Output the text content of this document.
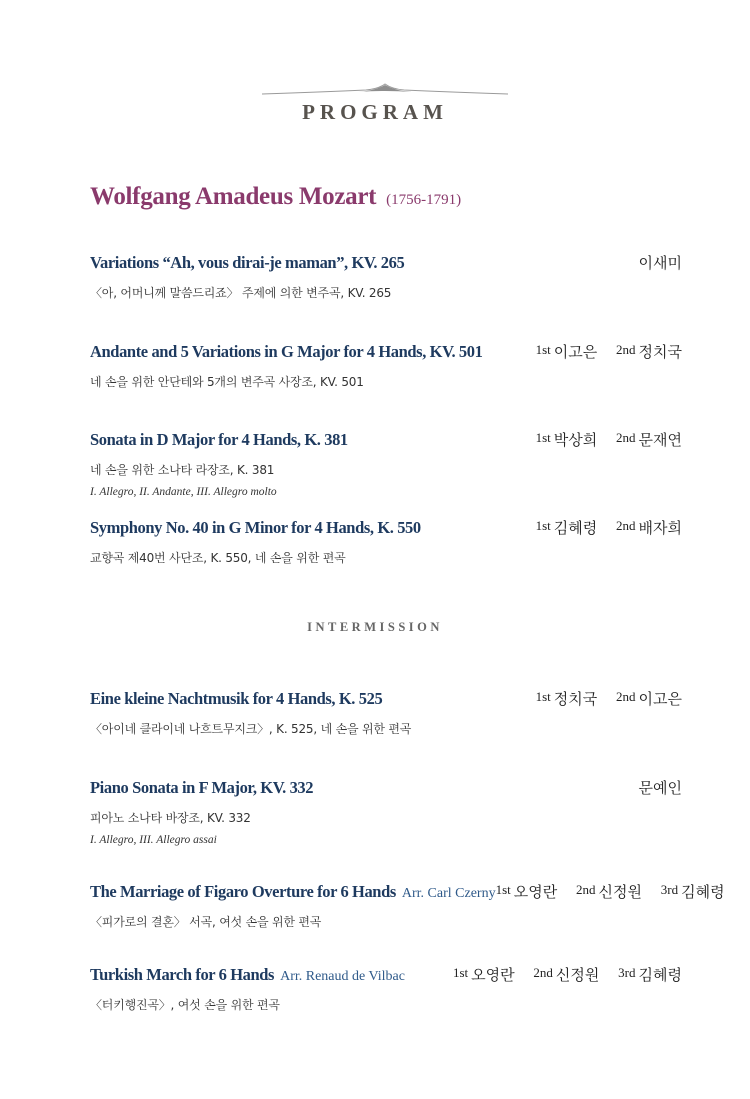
PROGRAM
Wolfgang Amadeus Mozart (1756-1791)
Variations “Ah, vous dirai-je maman”, KV. 265	이새미
〈아, 어머니께 말씀드리죠〉 주제에 의한 변주곡, KV. 265
Andante and 5 Variations in G Major for 4 Hands, KV. 501	1st 이고은 2nd 정치국
네 손을 위한 안단테와 5개의 변주곡 사장조, KV. 501
Sonata in D Major for 4 Hands, K. 381	1st 박상희 2nd 문재연
네 손을 위한 소나타 라장조, K. 381
I. Allegro, II. Andante, III. Allegro molto
Symphony No. 40 in G Minor for 4 Hands, K. 550	1st 김혜령 2nd 배자희
교향곡 제40번 사단조, K. 550, 네 손을 위한 편곡
INTERMISSION
Eine kleine Nachtmusik for 4 Hands, K. 525	1st 정치국 2nd 이고은
〈아이네 클라이네 나흐트무지크〉, K. 525, 네 손을 위한 편곡
Piano Sonata in F Major, KV. 332	문예인
피아노 소나타 바장조, KV. 332
I. Allegro, III. Allegro assai
The Marriage of Figaro Overture for 6 Hands Arr. Carl Czerny 1st 오영란 2nd 신정원 3rd 김혜령
〈피가로의 결혼〉 서곡, 여섯 손을 위한 편곡
Turkish March for 6 Hands Arr. Renaud de Vilbac	1st 오영란 2nd 신정원 3rd 김혜령
〈터키행진곡〉, 여섯 손을 위한 편곡
